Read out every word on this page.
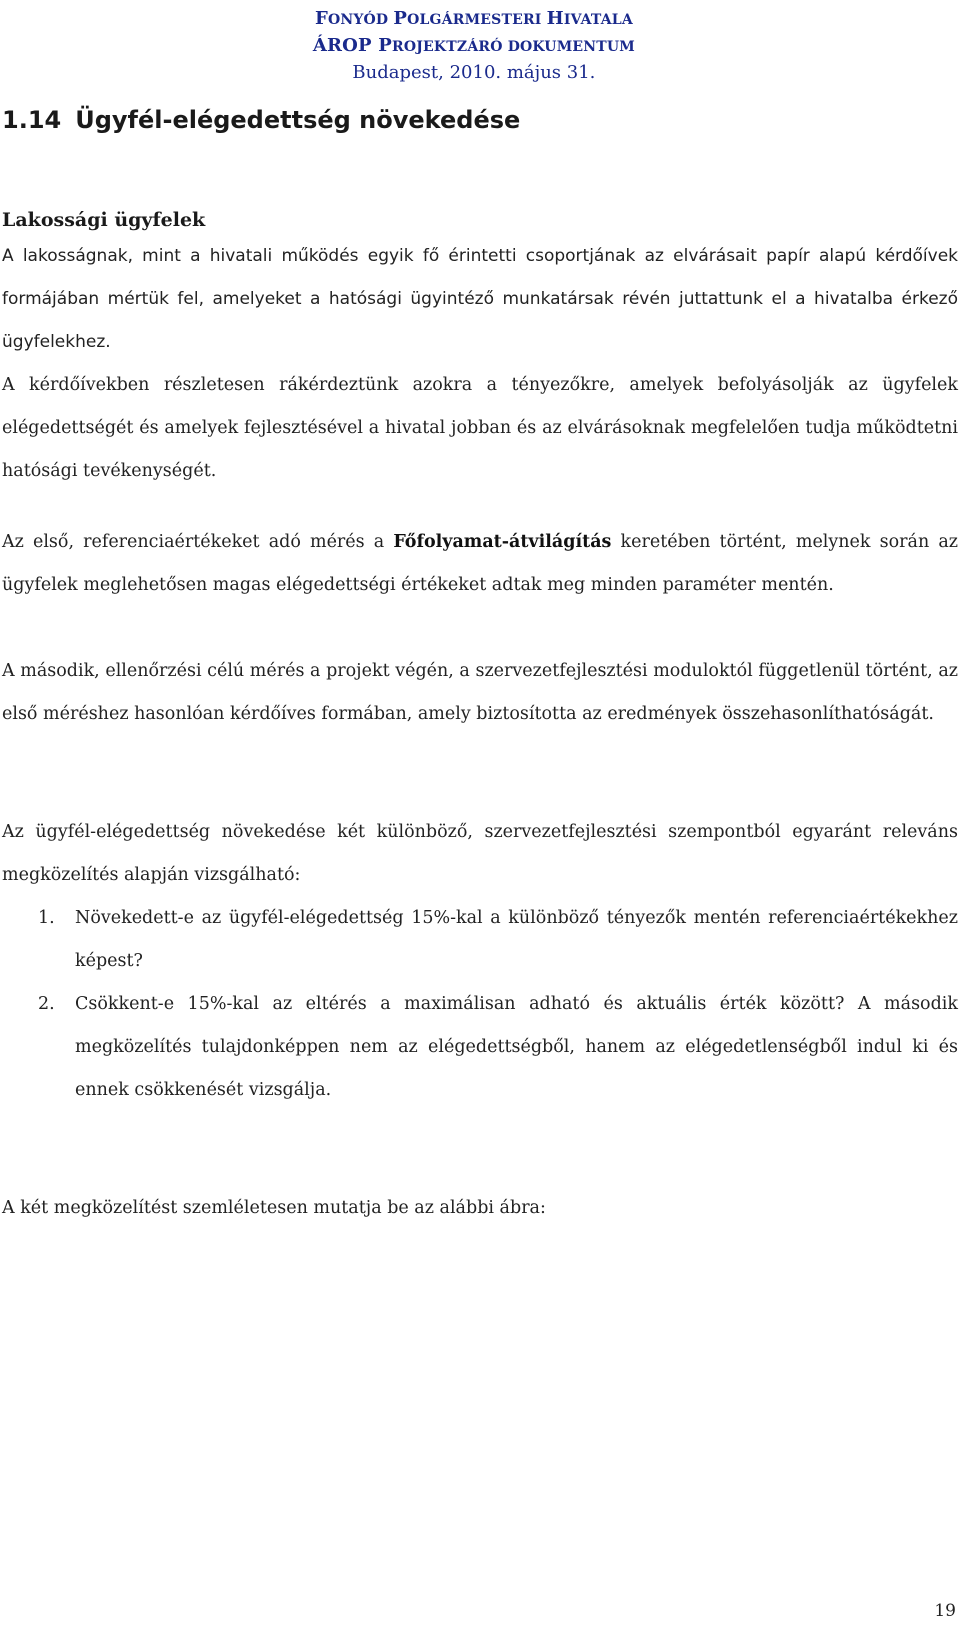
FONYÓD POLGÁRMESTERI HIVATALA
ÁROP PROJEKTZÁRÓ DOKUMENTUM
Budapest, 2010. május 31.
1.14 Ügyfél-elégedettség növekedése
Lakossági ügyfelek
A lakosságnak, mint a hivatali működés egyik fő érintetti csoportjának az elvárásait papír alapú kérdőívek formájában mértük fel, amelyeket a hatósági ügyintéző munkatársak révén juttattunk el a hivatalba érkező ügyfelekhez.
A kérdőívekben részletesen rákérdeztünk azokra a tényezőkre, amelyek befolyásolják az ügyfelek elégedettségét és amelyek fejlesztésével a hivatal jobban és az elvárásoknak megfelelően tudja működtetni hatósági tevékenységét.
Az első, referenciaértékeket adó mérés a Főfolyamat-átvilágítás keretében történt, melynek során az ügyfelek meglehetősen magas elégedettségi értékeket adtak meg minden paraméter mentén.
A második, ellenőrzési célú mérés a projekt végén, a szervezetfejlesztési moduloktól függetlenül történt, az első méréshez hasonlóan kérdőíves formában, amely biztosította az eredmények összehasonlíthatóságát.
Az ügyfél-elégedettség növekedése két különböző, szervezetfejlesztési szempontból egyaránt releváns megközelítés alapján vizsgálható:
1. Növekedett-e az ügyfél-elégedettség 15%-kal a különböző tényezők mentén referenciaértékekhez képest?
2. Csökkent-e 15%-kal az eltérés a maximálisan adható és aktuális érték között? A második megközelítés tulajdonképpen nem az elégedettségből, hanem az elégedetlenségből indul ki és ennek csökkenését vizsgálja.
A két megközelítést szemléletesen mutatja be az alábbi ábra:
19
